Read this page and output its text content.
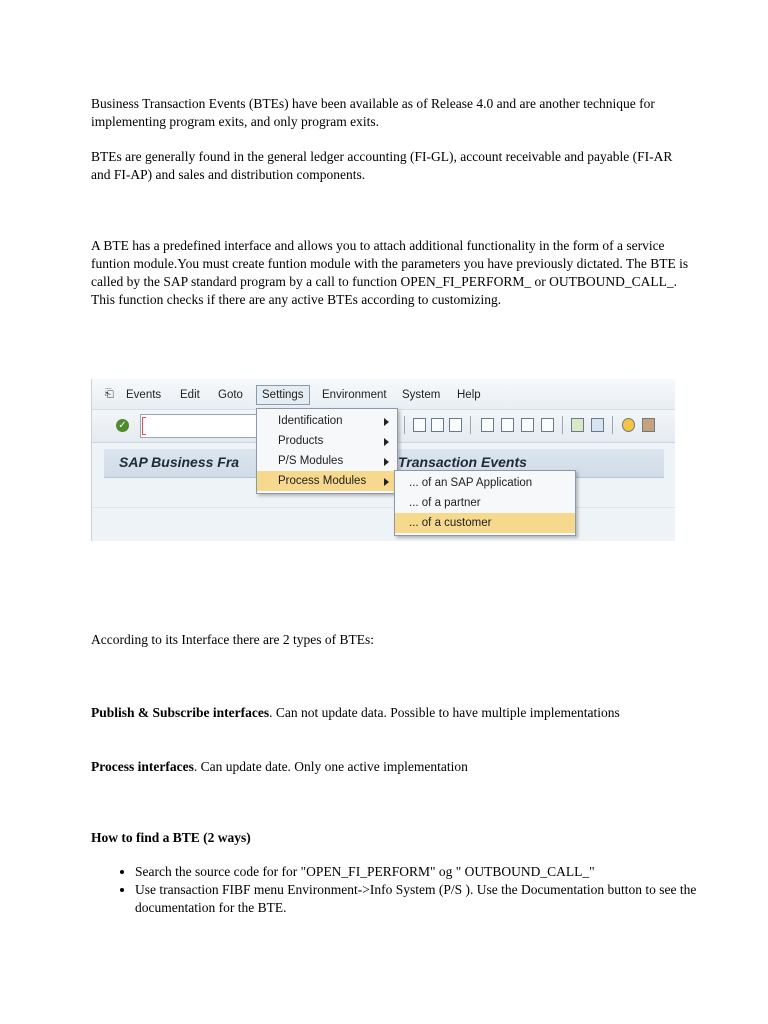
Business Transaction Events (BTEs) have been available as of Release 4.0 and are another technique for implementing program exits, and only program exits.

BTEs are generally found in the general ledger accounting (FI-GL), account receivable and payable (FI-AR and FI-AP) and sales and distribution components.

A BTE has a predefined interface and allows you to attach additional functionality in the form of a service funtion module.You must create funtion module with the parameters you have previously dictated. The BTE is called by the SAP standard program by a call to function OPEN_FI_PERFORM_ or OUTBOUND_CALL_. This function checks if there are any active BTEs according to customizing.

⎗ Events Edit Goto	Settings	Environment System Help
✓
SAP Business Fra	Transaction Events
Identification
Products
P/S Modules
Process Modules	... of an SAP Application
... of a partner
... of a customer

According to its Interface there are 2 types of BTEs:

Publish & Subscribe interfaces. Can not update data. Possible to have multiple implementations

Process interfaces. Can update date. Only one active implementation

How to find a BTE (2 ways)

• Search the source code for for "OPEN_FI_PERFORM" og " OUTBOUND_CALL_"
• Use transaction FIBF menu Environment->Info System (P/S ). Use the Documentation button to see the documentation for the BTE.
